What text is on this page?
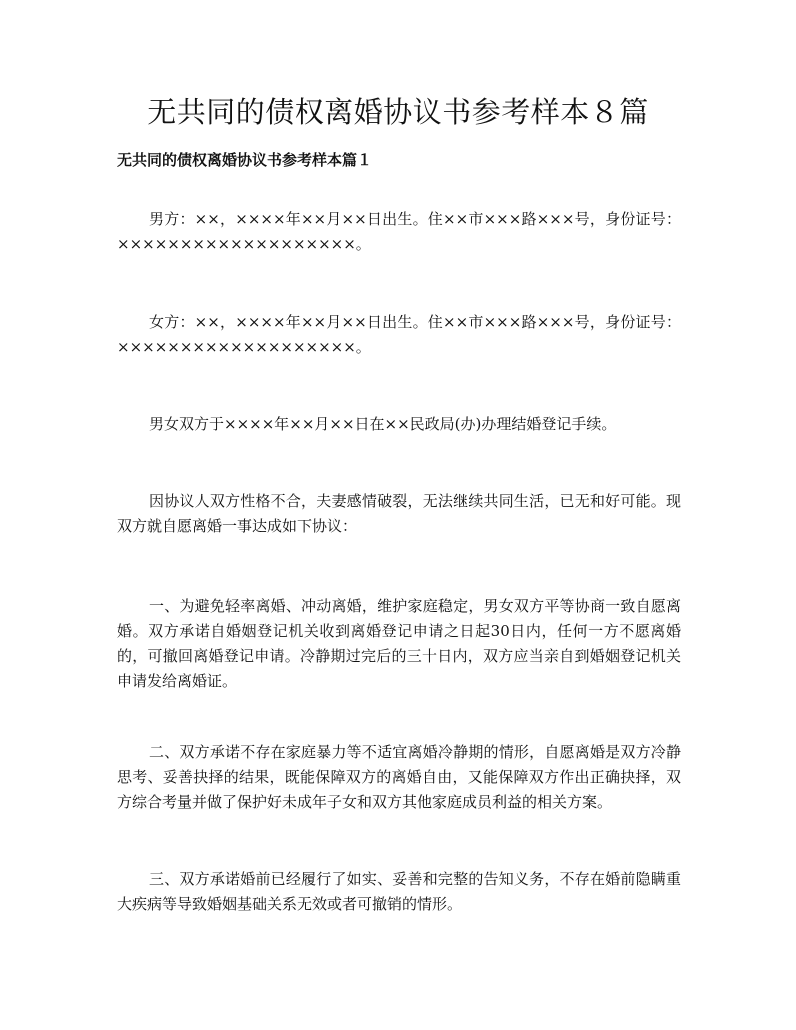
无共同的债权离婚协议书参考样本８篇
无共同的债权离婚协议书参考样本篇１

男方：××，××××年××月××日出生。住××市×××路×××号，身份证号：×××××××××××××××××××。

女方：××，××××年××月××日出生。住××市×××路×××号，身份证号：×××××××××××××××××××。

男女双方于××××年××月××日在××民政局(办)办理结婚登记手续。

因协议人双方性格不合，夫妻感情破裂，无法继续共同生活，已无和好可能。现双方就自愿离婚一事达成如下协议：

一、为避免轻率离婚、冲动离婚，维护家庭稳定，男女双方平等协商一致自愿离婚。双方承诺自婚姻登记机关收到离婚登记申请之日起30日内，任何一方不愿离婚的，可撤回离婚登记申请。冷静期过完后的三十日内，双方应当亲自到婚姻登记机关申请发给离婚证。

二、双方承诺不存在家庭暴力等不适宜离婚冷静期的情形，自愿离婚是双方冷静思考、妥善抉择的结果，既能保障双方的离婚自由，又能保障双方作出正确抉择，双方综合考量并做了保护好未成年子女和双方其他家庭成员利益的相关方案。

三、双方承诺婚前已经履行了如实、妥善和完整的告知义务，不存在婚前隐瞒重大疾病等导致婚姻基础关系无效或者可撤销的情形。
